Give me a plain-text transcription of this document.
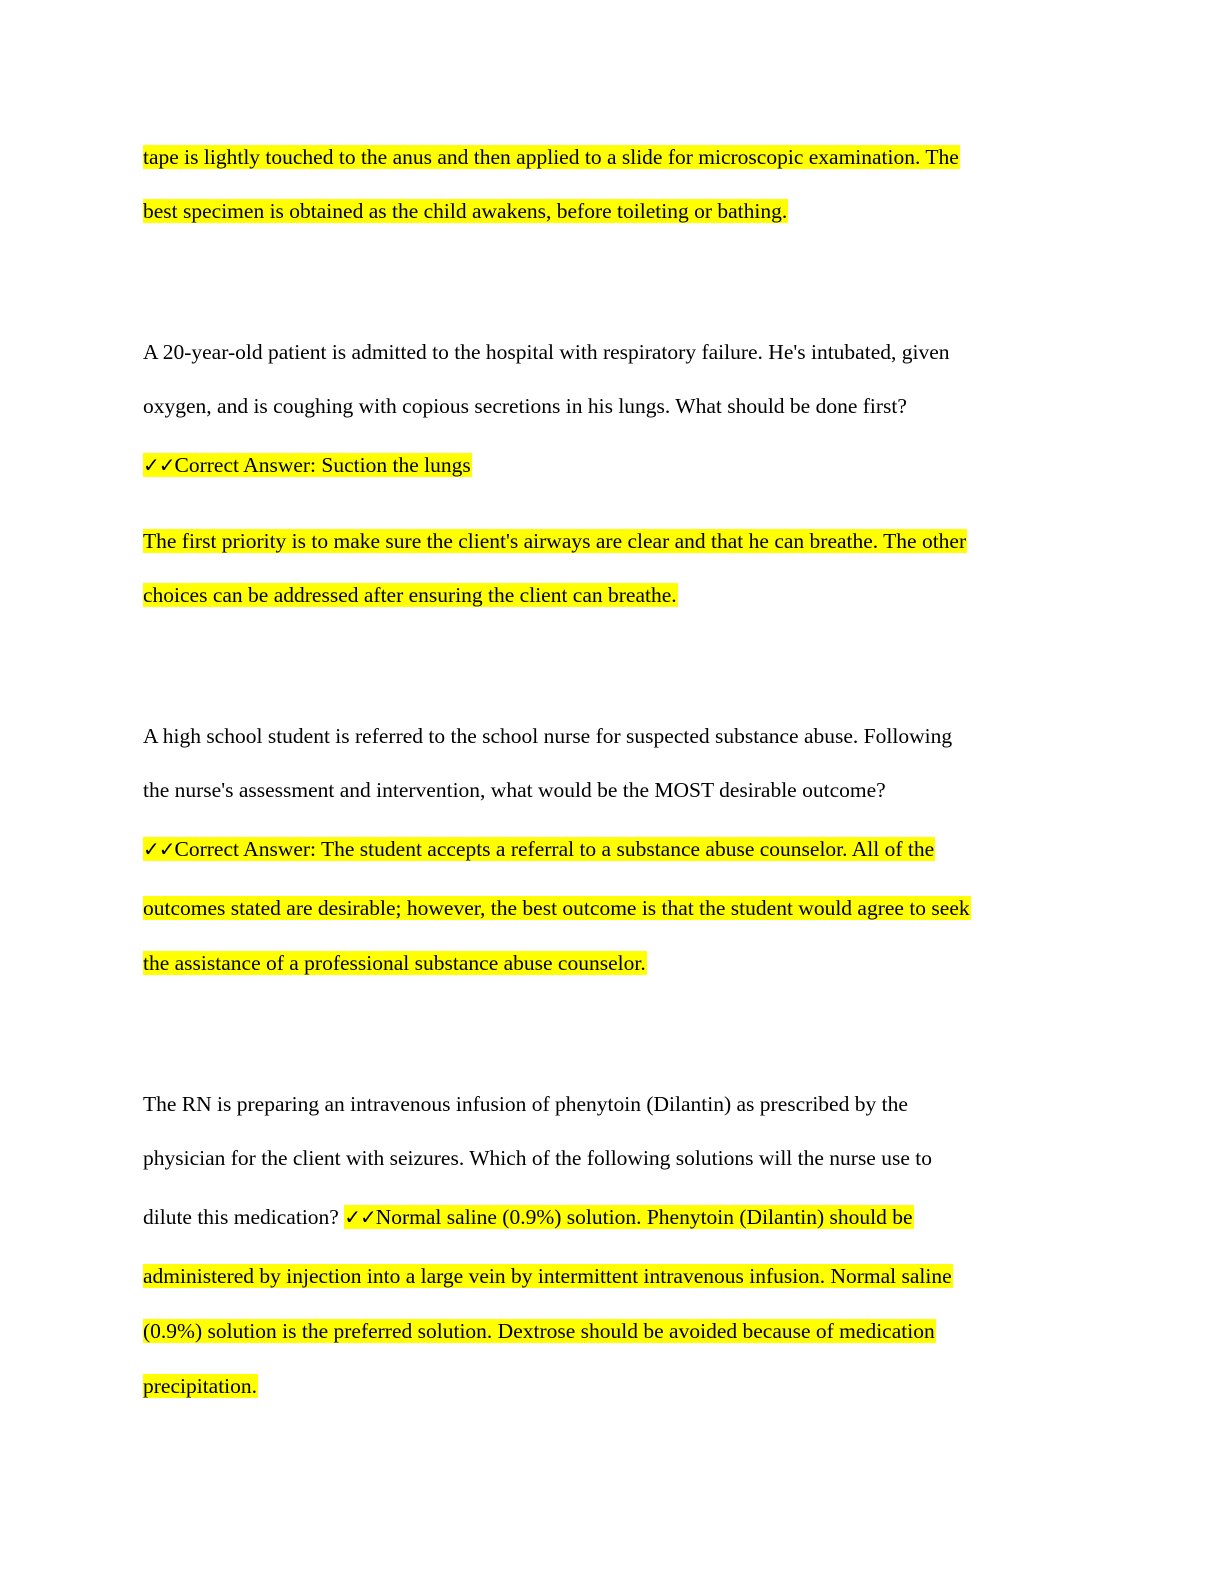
tape is lightly touched to the anus and then applied to a slide for microscopic examination. The
best specimen is obtained as the child awakens, before toileting or bathing.
A 20-year-old patient is admitted to the hospital with respiratory failure. He's intubated, given
oxygen, and is coughing with copious secretions in his lungs. What should be done first?
✓✓Correct Answer: Suction the lungs
The first priority is to make sure the client's airways are clear and that he can breathe. The other
choices can be addressed after ensuring the client can breathe.
A high school student is referred to the school nurse for suspected substance abuse. Following
the nurse's assessment and intervention, what would be the MOST desirable outcome?
✓✓Correct Answer: The student accepts a referral to a substance abuse counselor. All of the
outcomes stated are desirable; however, the best outcome is that the student would agree to seek
the assistance of a professional substance abuse counselor.
The RN is preparing an intravenous infusion of phenytoin (Dilantin) as prescribed by the
physician for the client with seizures. Which of the following solutions will the nurse use to
dilute this medication? ✓✓Normal saline (0.9%) solution. Phenytoin (Dilantin) should be
administered by injection into a large vein by intermittent intravenous infusion. Normal saline
(0.9%) solution is the preferred solution. Dextrose should be avoided because of medication
precipitation.
